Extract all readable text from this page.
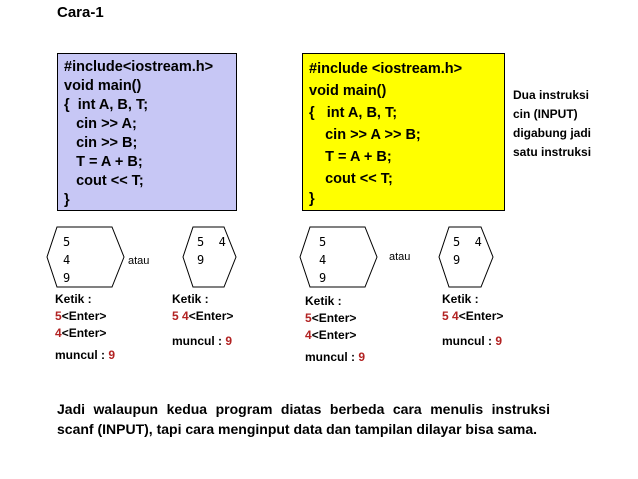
Cara-1
#include<iostream.h>
void main()
{  int A, B, T;
cin >> A;
cin >> B;
T = A + B;
cout << T;
}
#include <iostream.h>
void main()
{   int A, B, T;
cin >> A >> B;
T = A + B;
cout << T;
}
Dua instruksi
cin (INPUT)
digabung jadi
satu instruksi
5
4
9
atau
5  4
9
5
4
9
atau
5  4
9
Ketik :
5<Enter>
4<Enter>
muncul : 9
Ketik :
5 4<Enter>
muncul : 9
Ketik :
5<Enter>
4<Enter>
muncul : 9
Ketik :
5 4<Enter>
muncul : 9
Jadi walaupun kedua program diatas berbeda cara menulis instruksi scanf (INPUT), tapi cara menginput data dan tampilan dilayar bisa sama.
